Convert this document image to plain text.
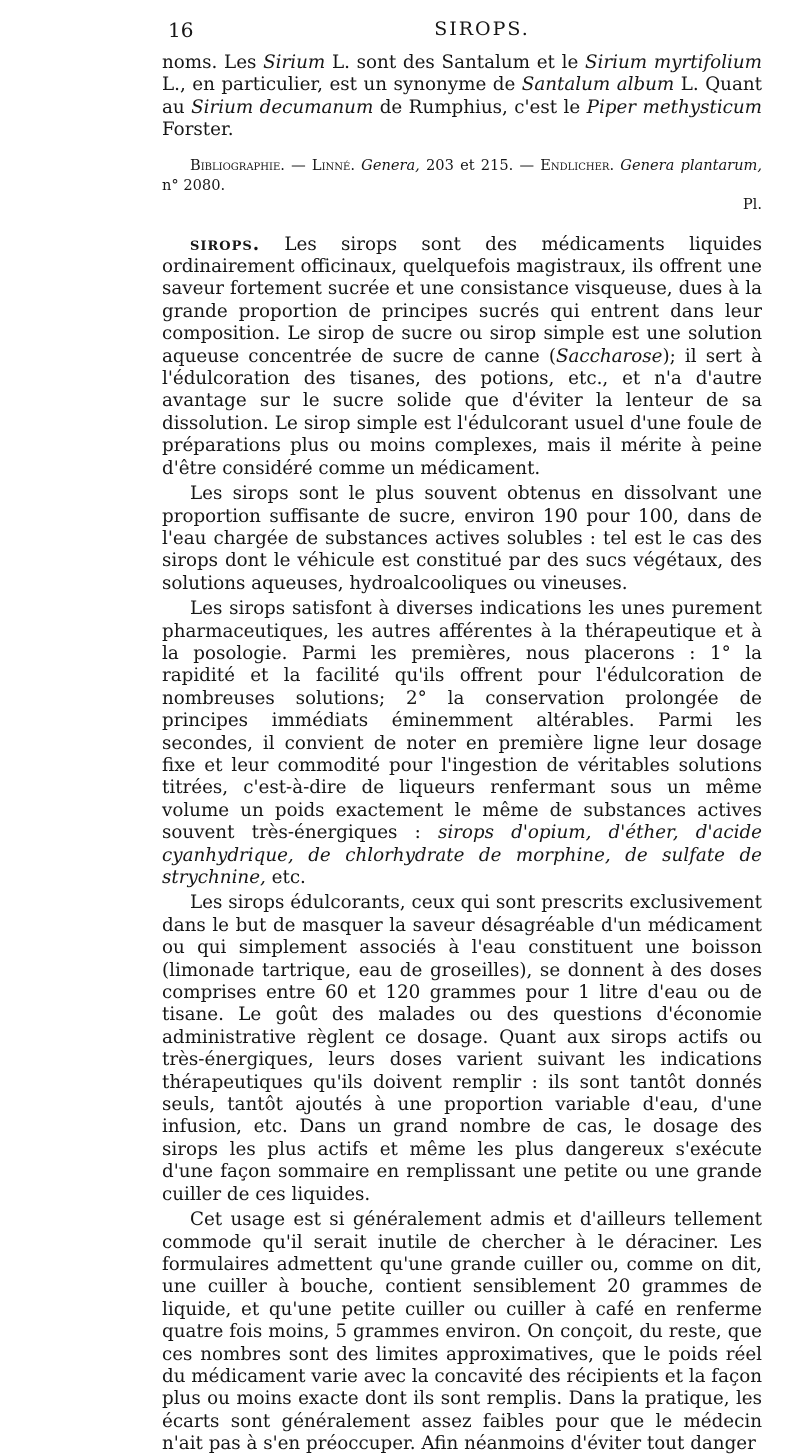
16	SIROPS.

noms. Les Sirium L. sont des Santalum et le Sirium myrtifolium L., en particulier, est un synonyme de Santalum album L. Quant au Sirium decumanum de Rumphius, c'est le Piper methysticum Forster.

Bibliographie. — Linné. Genera, 203 et 215. — Endlicher. Genera plantarum, n° 2080.

Pl.

sirops. Les sirops sont des médicaments liquides ordinairement officinaux, quelquefois magistraux, ils offrent une saveur fortement sucrée et une consistance visqueuse, dues à la grande proportion de principes sucrés qui entrent dans leur composition. Le sirop de sucre ou sirop simple est une solution aqueuse concentrée de sucre de canne (Saccharose); il sert à l'édulcoration des tisanes, des potions, etc., et n'a d'autre avantage sur le sucre solide que d'éviter la lenteur de sa dissolution. Le sirop simple est l'édulcorant usuel d'une foule de préparations plus ou moins complexes, mais il mérite à peine d'être considéré comme un médicament.

Les sirops sont le plus souvent obtenus en dissolvant une proportion suffisante de sucre, environ 190 pour 100, dans de l'eau chargée de substances actives solubles : tel est le cas des sirops dont le véhicule est constitué par des sucs végétaux, des solutions aqueuses, hydroalcooliques ou vineuses.

Les sirops satisfont à diverses indications les unes purement pharmaceutiques, les autres afférentes à la thérapeutique et à la posologie. Parmi les premières, nous placerons : 1° la rapidité et la facilité qu'ils offrent pour l'édulcoration de nombreuses solutions; 2° la conservation prolongée de principes immédiats éminemment altérables. Parmi les secondes, il convient de noter en première ligne leur dosage fixe et leur commodité pour l'ingestion de véritables solutions titrées, c'est-à-dire de liqueurs renfermant sous un même volume un poids exactement le même de substances actives souvent très-énergiques : sirops d'opium, d'éther, d'acide cyanhydrique, de chlorhydrate de morphine, de sulfate de strychnine, etc.

Les sirops édulcorants, ceux qui sont prescrits exclusivement dans le but de masquer la saveur désagréable d'un médicament ou qui simplement associés à l'eau constituent une boisson (limonade tartrique, eau de groseilles), se donnent à des doses comprises entre 60 et 120 grammes pour 1 litre d'eau ou de tisane. Le goût des malades ou des questions d'économie administrative règlent ce dosage. Quant aux sirops actifs ou très-énergiques, leurs doses varient suivant les indications thérapeutiques qu'ils doivent remplir : ils sont tantôt donnés seuls, tantôt ajoutés à une proportion variable d'eau, d'une infusion, etc. Dans un grand nombre de cas, le dosage des sirops les plus actifs et même les plus dangereux s'exécute d'une façon sommaire en remplissant une petite ou une grande cuiller de ces liquides.

Cet usage est si généralement admis et d'ailleurs tellement commode qu'il serait inutile de chercher à le déraciner. Les formulaires admettent qu'une grande cuiller ou, comme on dit, une cuiller à bouche, contient sensiblement 20 grammes de liquide, et qu'une petite cuiller ou cuiller à café en renferme quatre fois moins, 5 grammes environ. On conçoit, du reste, que ces nombres sont des limites approximatives, que le poids réel du médicament varie avec la concavité des récipients et la façon plus ou moins exacte dont ils sont remplis. Dans la pratique, les écarts sont généralement assez faibles pour que le médecin n'ait pas à s'en préoccuper. Afin néanmoins d'éviter tout danger
